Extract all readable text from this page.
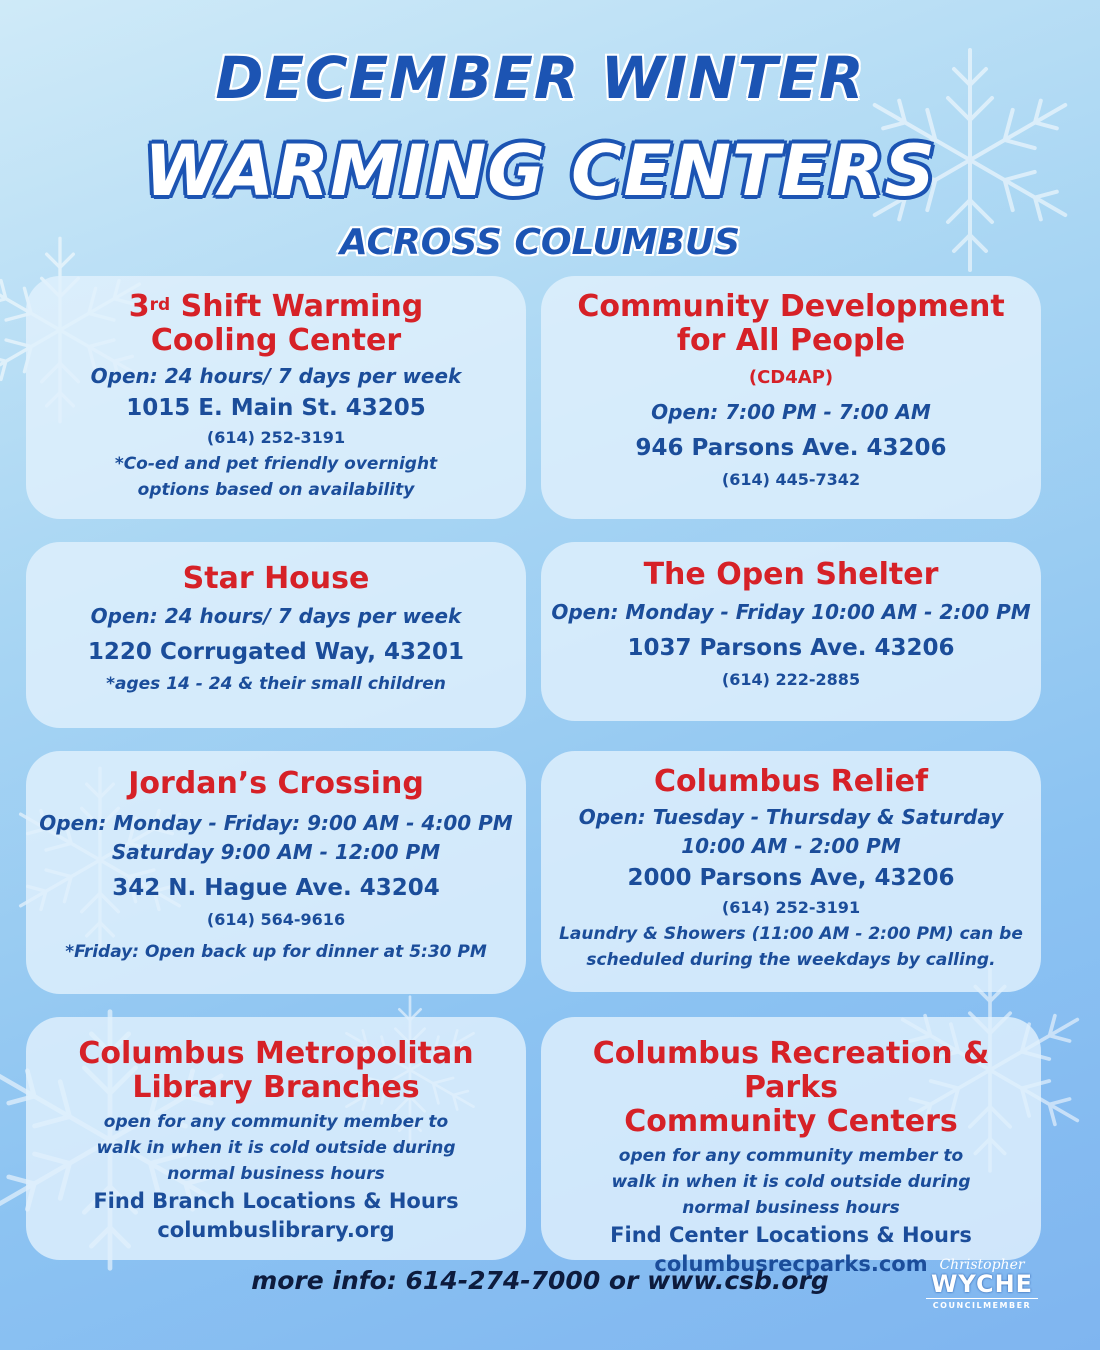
DECEMBER WINTER
WARMING CENTERS
ACROSS COLUMBUS
3rd Shift Warming
Cooling Center
Open: 24 hours/ 7 days per week
1015 E. Main St. 43205
(614) 252-3191
*Co-ed and pet friendly overnight
options based on availability
Community Development
for All People
(CD4AP)
Open: 7:00 PM - 7:00 AM
946 Parsons Ave. 43206
(614) 445-7342
Star House
Open: 24 hours/ 7 days per week
1220 Corrugated Way, 43201
*ages 14 - 24 & their small children
The Open Shelter
Open: Monday - Friday 10:00 AM - 2:00 PM
1037 Parsons Ave. 43206
(614) 222-2885
Jordan’s Crossing
Open: Monday - Friday: 9:00 AM - 4:00 PM
Saturday 9:00 AM - 12:00 PM
342 N. Hague Ave. 43204
(614) 564-9616
*Friday: Open back up for dinner at 5:30 PM
Columbus Relief
Open: Tuesday - Thursday & Saturday
10:00 AM - 2:00 PM
2000 Parsons Ave, 43206
(614) 252-3191
Laundry & Showers (11:00 AM - 2:00 PM) can be
scheduled during the weekdays by calling.
Columbus Metropolitan
Library Branches
open for any community member to
walk in when it is cold outside during
normal business hours
Find Branch Locations & Hours
columbuslibrary.org
Columbus Recreation & Parks
Community Centers
open for any community member to
walk in when it is cold outside during
normal business hours
Find Center Locations & Hours
columbusrecparks.com
more info: 614-274-7000 or www.csb.org
Christopher
WYCHE
COUNCILMEMBER
